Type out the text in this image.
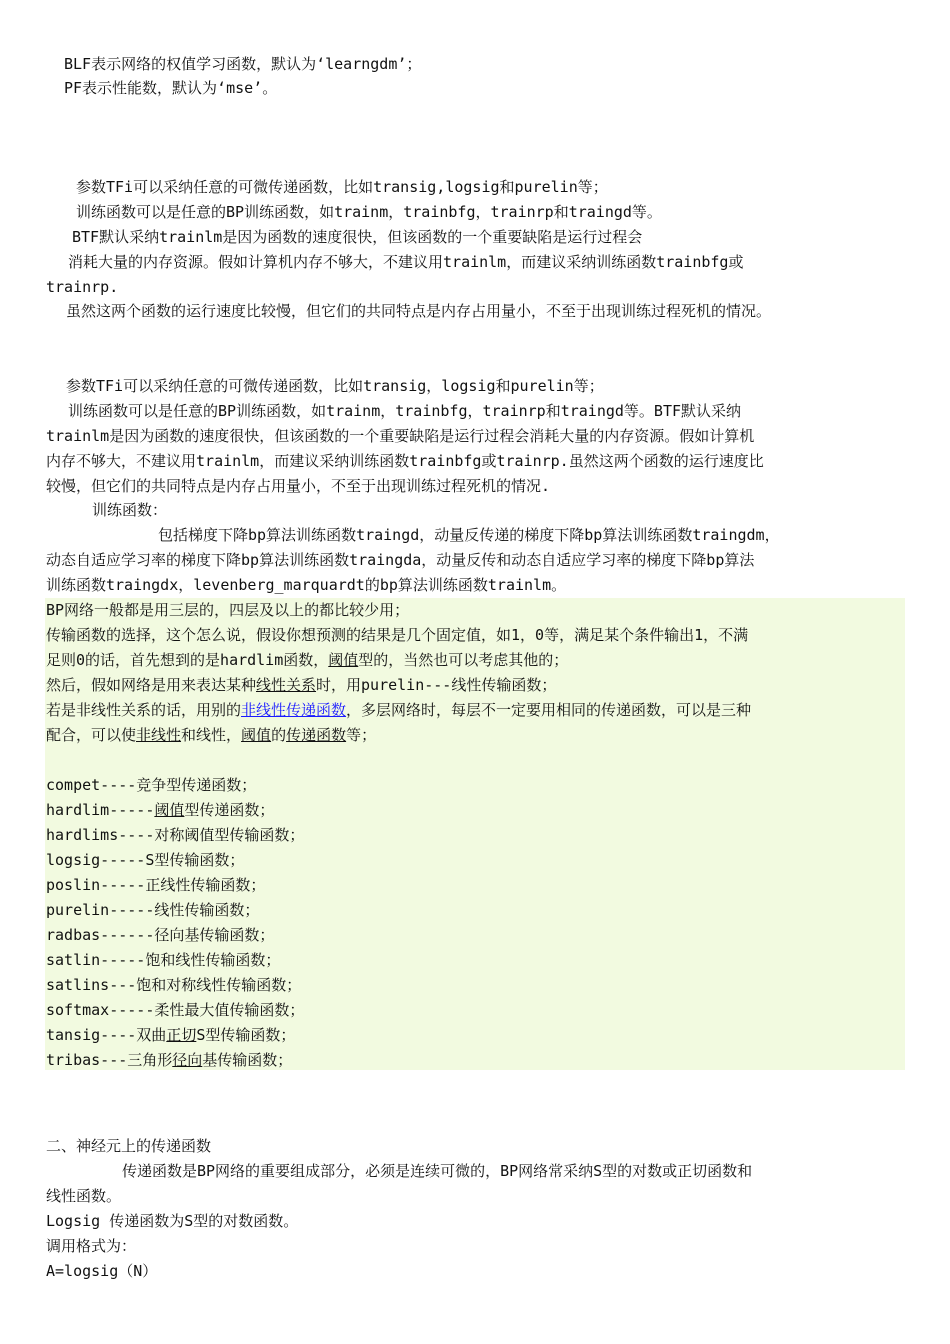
BLF表示网络的权值学习函数，默认为‘learngdm’；
PF表示性能数，默认为‘mse’。
参数TFi可以采纳任意的可微传递函数，比如transig,logsig和purelin等；
训练函数可以是任意的BP训练函数，如trainm，trainbfg，trainrp和traingd等。
BTF默认采纳trainlm是因为函数的速度很快，但该函数的一个重要缺陷是运行过程会
消耗大量的内存资源。假如计算机内存不够大，不建议用trainlm，而建议采纳训练函数trainbfg或
trainrp.
虽然这两个函数的运行速度比较慢，但它们的共同特点是内存占用量小，不至于出现训练过程死机的情况。
参数TFi可以采纳任意的可微传递函数，比如transig，logsig和purelin等；
训练函数可以是任意的BP训练函数，如trainm，trainbfg，trainrp和traingd等。BTF默认采纳
trainlm是因为函数的速度很快，但该函数的一个重要缺陷是运行过程会消耗大量的内存资源。假如计算机
内存不够大，不建议用trainlm，而建议采纳训练函数trainbfg或trainrp.虽然这两个函数的运行速度比
较慢，但它们的共同特点是内存占用量小，不至于出现训练过程死机的情况.
训练函数：
包括梯度下降bp算法训练函数traingd，动量反传递的梯度下降bp算法训练函数traingdm，
动态自适应学习率的梯度下降bp算法训练函数traingda，动量反传和动态自适应学习率的梯度下降bp算法
训练函数traingdx，levenberg_marquardt的bp算法训练函数trainlm。
BP网络一般都是用三层的，四层及以上的都比较少用；
传输函数的选择，这个怎么说，假设你想预测的结果是几个固定值，如1，0等，满足某个条件输出1，不满
足则0的话，首先想到的是hardlim函数，阈值型的，当然也可以考虑其他的；
然后，假如网络是用来表达某种线性关系时，用purelin---线性传输函数；
若是非线性关系的话，用别的非线性传递函数，多层网络时，每层不一定要用相同的传递函数，可以是三种
配合，可以使非线性和线性，阈值的传递函数等；
compet----竞争型传递函数；
hardlim-----阈值型传递函数；
hardlims----对称阈值型传输函数；
logsig-----S型传输函数；
poslin-----正线性传输函数；
purelin-----线性传输函数；
radbas------径向基传输函数；
satlin-----饱和线性传输函数；
satlins---饱和对称线性传输函数；
softmax-----柔性最大值传输函数；
tansig----双曲正切S型传输函数；
tribas---三角形径向基传输函数；
二、神经元上的传递函数
传递函数是BP网络的重要组成部分，必须是连续可微的，BP网络常采纳S型的对数或正切函数和
线性函数。
Logsig 传递函数为S型的对数函数。
调用格式为：
A=logsig（N）
